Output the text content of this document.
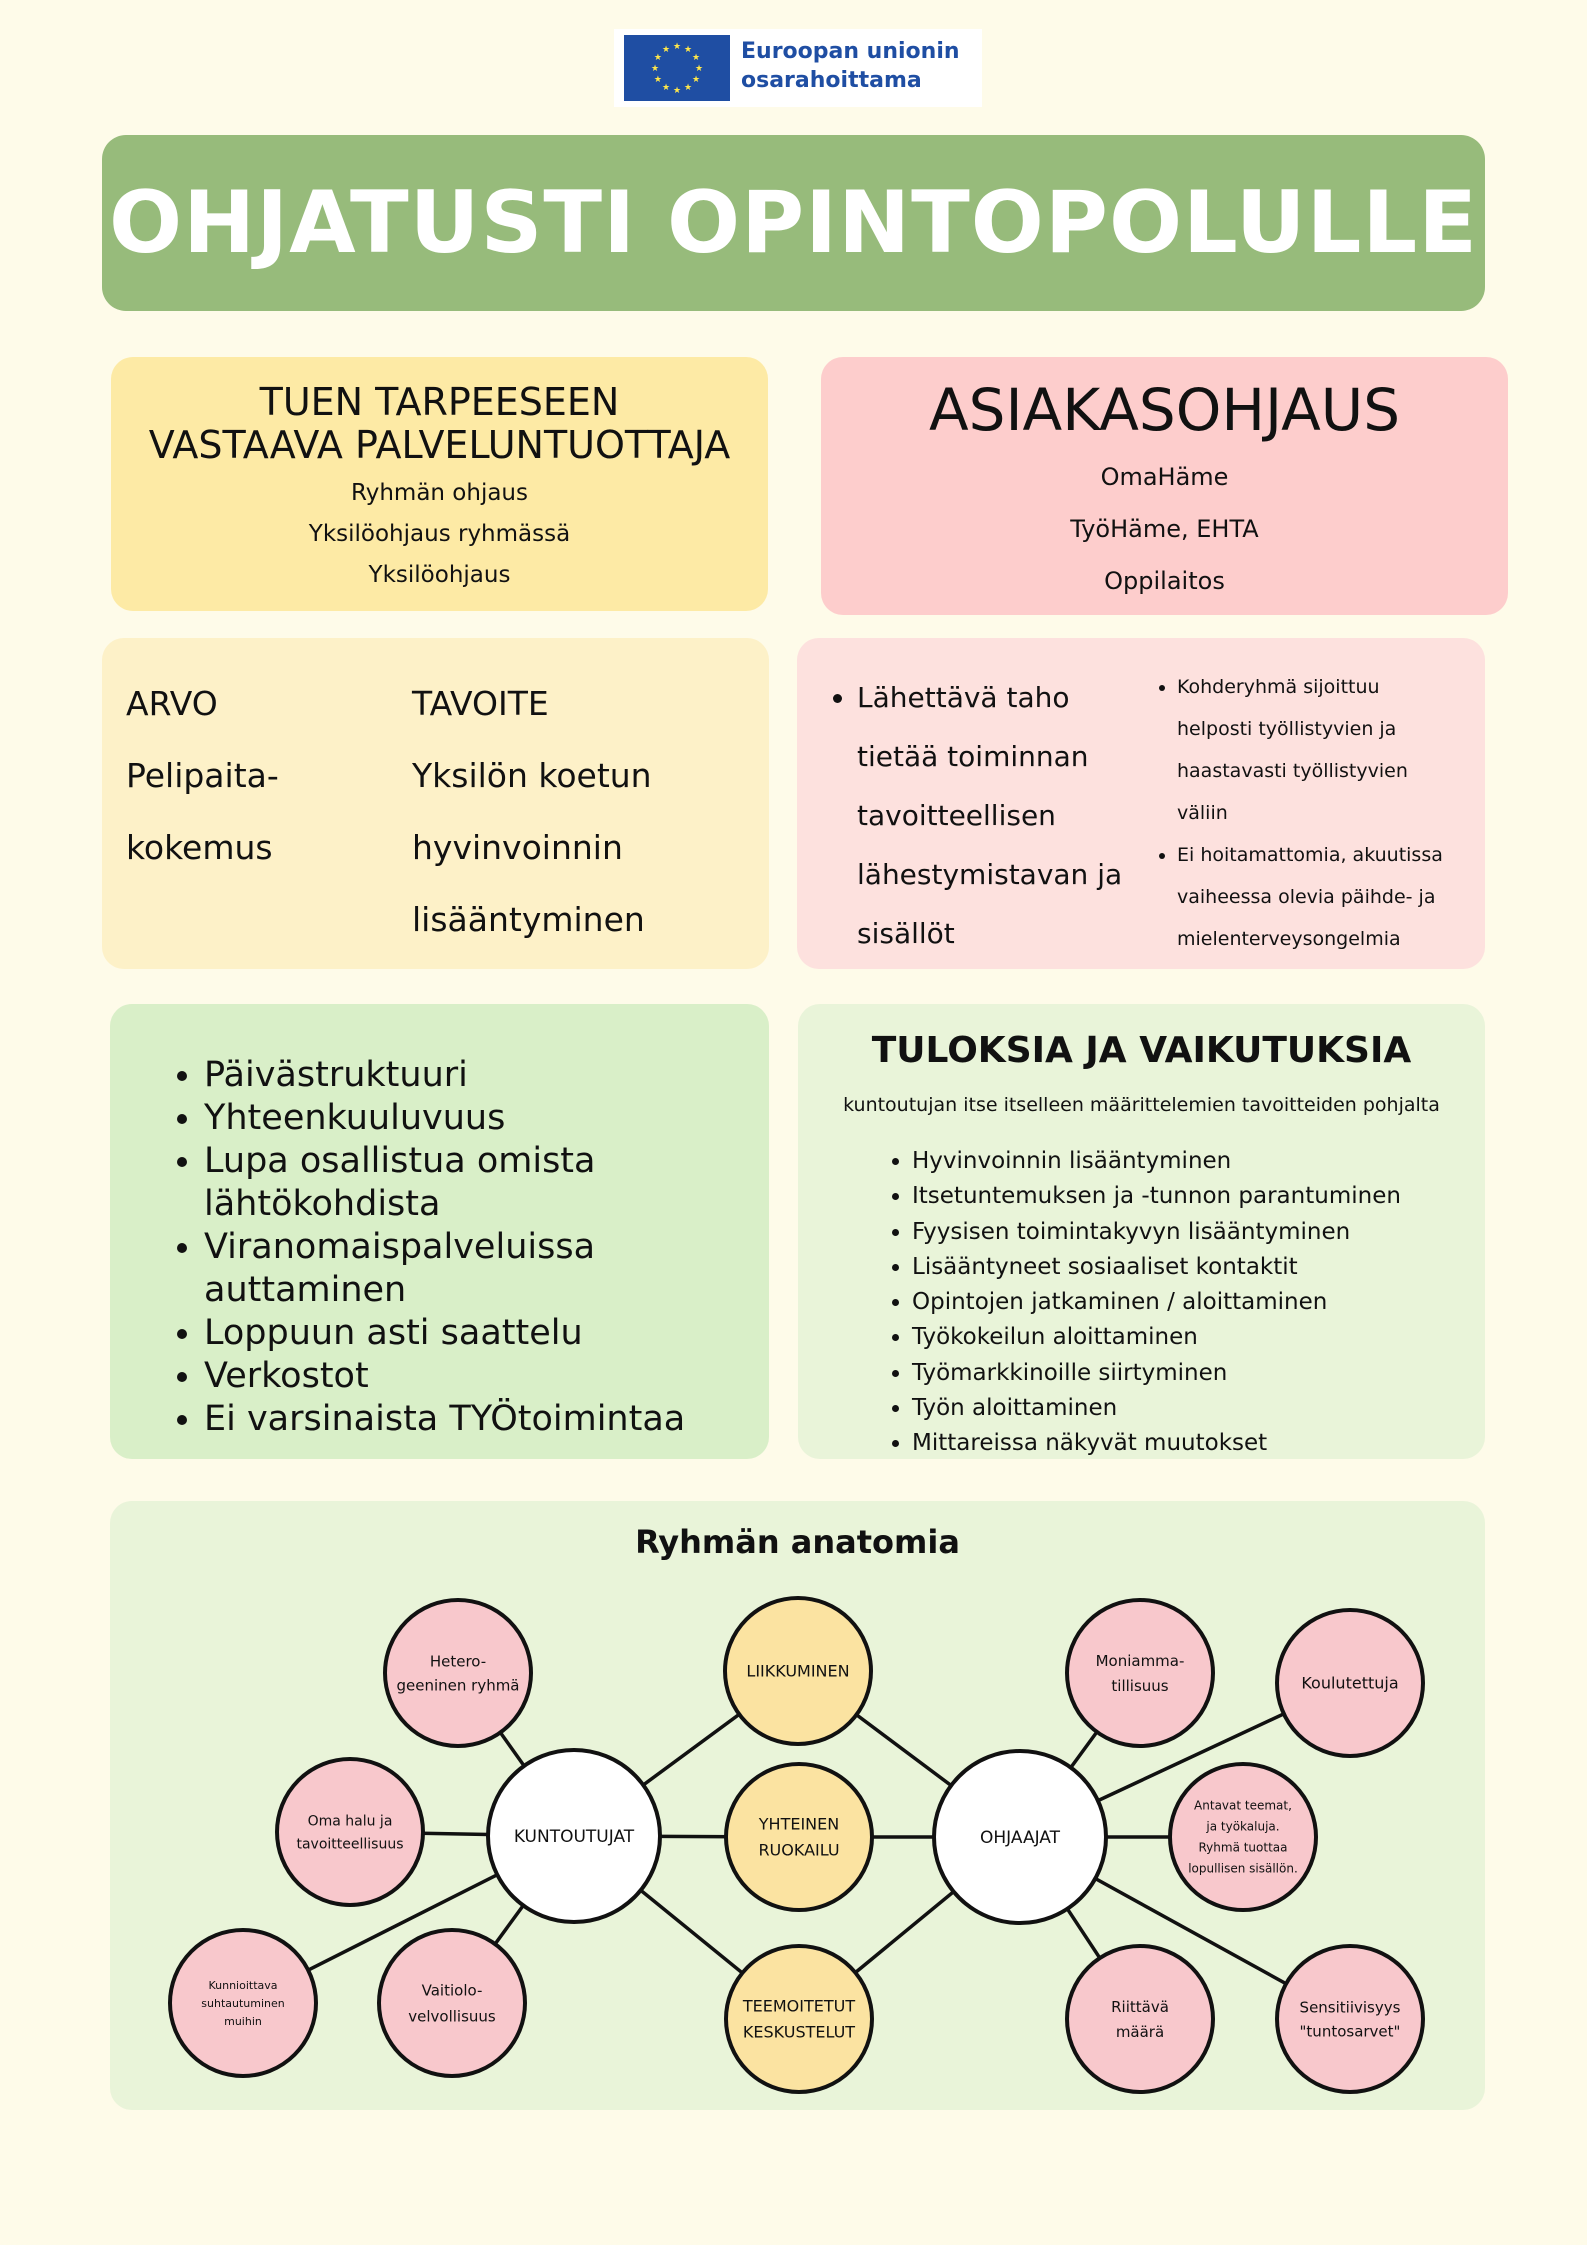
★
★
★
★
★
★
★
★
★ ★ ★
★ Euroopan unionin
osarahoittama
OHJATUSTI OPINTOPOLULLE
TUEN TARPEESEEN
VASTAAVA PALVELUNTUOTTAJA
Ryhmän ohjaus
Yksilöohjaus ryhmässä
Yksilöohjaus
ASIAKASOHJAUS
OmaHäme
TyöHäme, EHTA
Oppilaitos
ARVO
Pelipaita-
kokemus
TAVOITE
Yksilön koetun
hyvinvoinnin
lisääntyminen
• Lähettävä taho
tietää toiminnan
tavoitteellisen
lähestymistavan ja
sisällöt
• Kohderyhmä sijoittuu
helposti työllistyvien ja
haastavasti työllistyvien
väliin
• Ei hoitamattomia, akuutissa
vaiheessa olevia päihde- ja
mielenterveysongelmia
• Päivästruktuuri
• Yhteenkuuluvuus
• Lupa osallistua omista
lähtökohdista
• Viranomaispalveluissa
auttaminen
• Loppuun asti saattelu
• Verkostot
• Ei varsinaista TYÖtoimintaa
TULOKSIA JA VAIKUTUKSIA
kuntoutujan itse itselleen määrittelemien tavoitteiden pohjalta
• Hyvinvoinnin lisääntyminen
• Itsetuntemuksen ja -tunnon parantuminen
• Fyysisen toimintakyvyn lisääntyminen
• Lisääntyneet sosiaaliset kontaktit
• Opintojen jatkaminen / aloittaminen
• Työkokeilun aloittaminen
• Työmarkkinoille siirtyminen
• Työn aloittaminen
• Mittareissa näkyvät muutokset
Ryhmän anatomia
KUNTOUTUJAT	OHJAAJAT
LIIKKUMINEN
YHTEINEN
RUOKAILU
TEEMOITETUT
KESKUSTELUT
Hetero-
geeninen ryhmä
Oma halu ja
tavoitteellisuus
Kunnioittava
suhtautuminen
muihin
Vaitiolo-
velvollisuus
Moniamma-
tillisuus	Koulutettuja
Antavat teemat,
ja työkaluja.
Ryhmä tuottaa
lopullisen sisällön.
Riittävä
määrä
Sensitiivisyys
"tuntosarvet"
